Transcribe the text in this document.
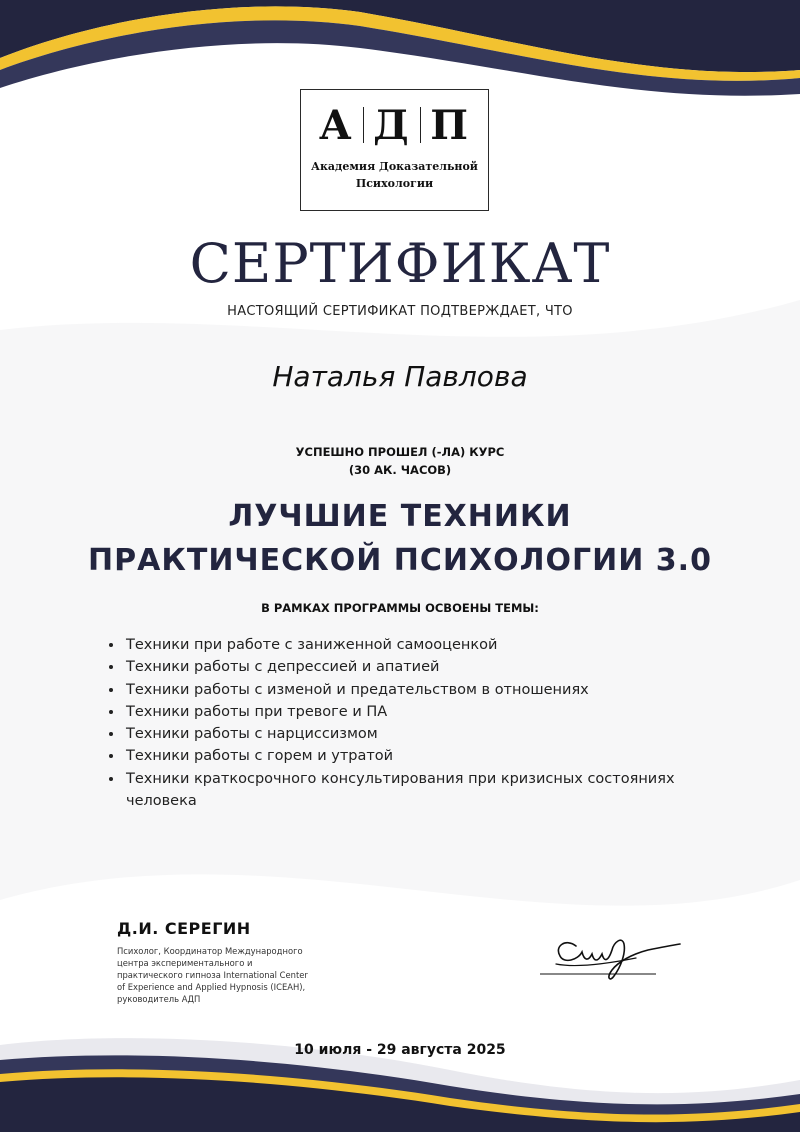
А Д П
Академия Доказательной
Психологии
СЕРТИФИКАТ
НАСТОЯЩИЙ СЕРТИФИКАТ ПОДТВЕРЖДАЕТ, ЧТО
Наталья Павлова
УСПЕШНО ПРОШЕЛ (-ЛА) КУРС
(30 АК. ЧАСОВ)
ЛУЧШИЕ ТЕХНИКИ
ПРАКТИЧЕСКОЙ ПСИХОЛОГИИ 3.0
В РАМКАХ ПРОГРАММЫ ОСВОЕНЫ ТЕМЫ:
• Техники при работе с заниженной самооценкой
• Техники работы с депрессией и апатией
• Техники работы с изменой и предательством в отношениях
• Техники работы при тревоге и ПА
• Техники работы с нарциссизмом
• Техники работы с горем и утратой
• Техники краткосрочного консультирования при кризисных состояниях человека
Д.И. СЕРЕГИН
Психолог, Координатор Международного центра экспериментального и практического гипноза International Center of Experience and Applied Hypnosis (ICEAH), руководитель АДП
10 июля - 29 августа 2025
